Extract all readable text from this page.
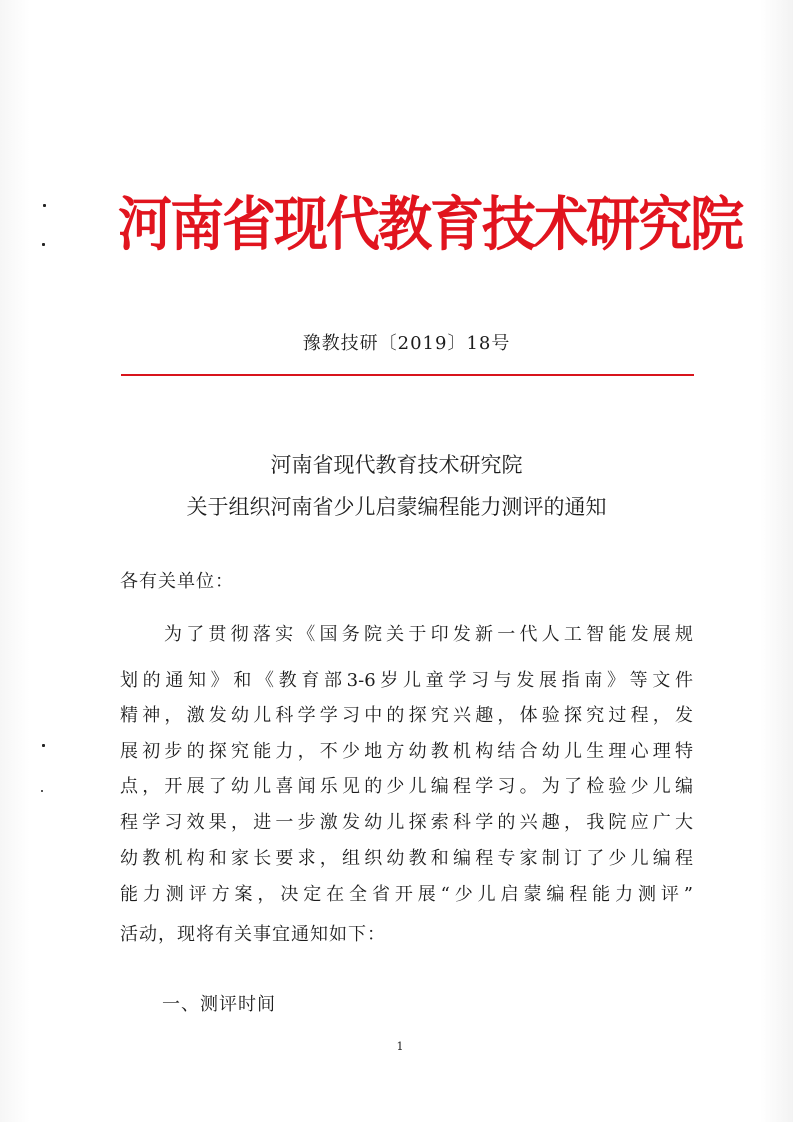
河南省现代教育技术研究院
豫教技研〔2019〕18号
河南省现代教育技术研究院
关于组织河南省少儿启蒙编程能力测评的通知
各有关单位：
为了贯彻落实《国务院关于印发新一代人工智能发展规
划的通知》和《教育部3-6岁儿童学习与发展指南》等文件
精神，激发幼儿科学学习中的探究兴趣，体验探究过程，发
展初步的探究能力，不少地方幼教机构结合幼儿生理心理特
点，开展了幼儿喜闻乐见的少儿编程学习。为了检验少儿编
程学习效果，进一步激发幼儿探索科学的兴趣，我院应广大
幼教机构和家长要求，组织幼教和编程专家制订了少儿编程
能力测评方案，决定在全省开展“少儿启蒙编程能力测评”
活动，现将有关事宜通知如下：
一、测评时间
1
